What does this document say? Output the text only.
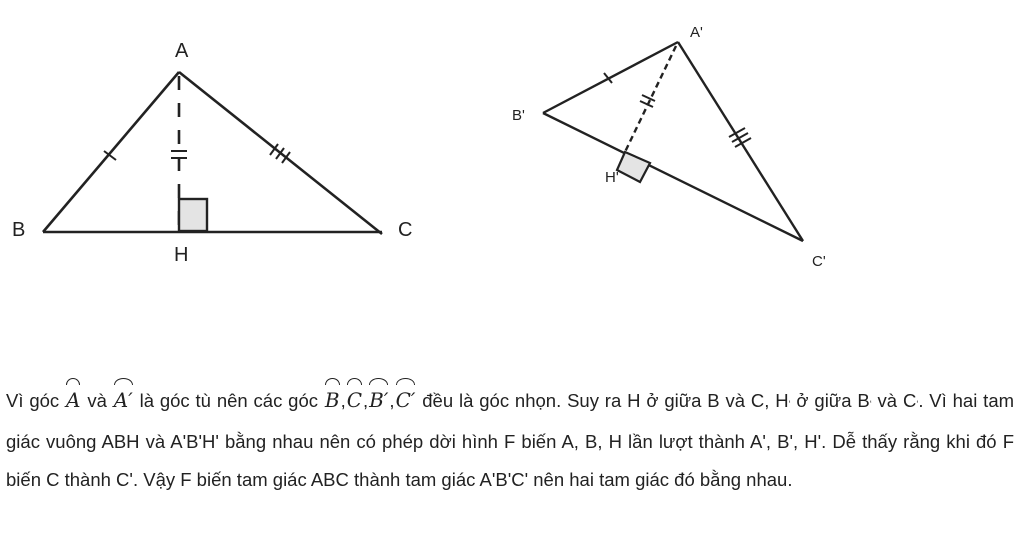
A
B	C
H
A'
B'
C'
H'

Vì góc A và A′ là góc tù nên các góc B,C,B′,C′ đều là góc nhọn. Suy ra H ở giữa B và C, Hʻ ở giữa Bʻ và Cʻ. Vì hai tam giác vuông ABH và A'B'H' bằng nhau nên có phép dời hình F biến A, B, H lần lượt thành A', B', H'. Dễ thấy rằng khi đó F biến C thành C'. Vậy F biến tam giác ABC thành tam giác A'B'C' nên hai tam giác đó bằng nhau.
